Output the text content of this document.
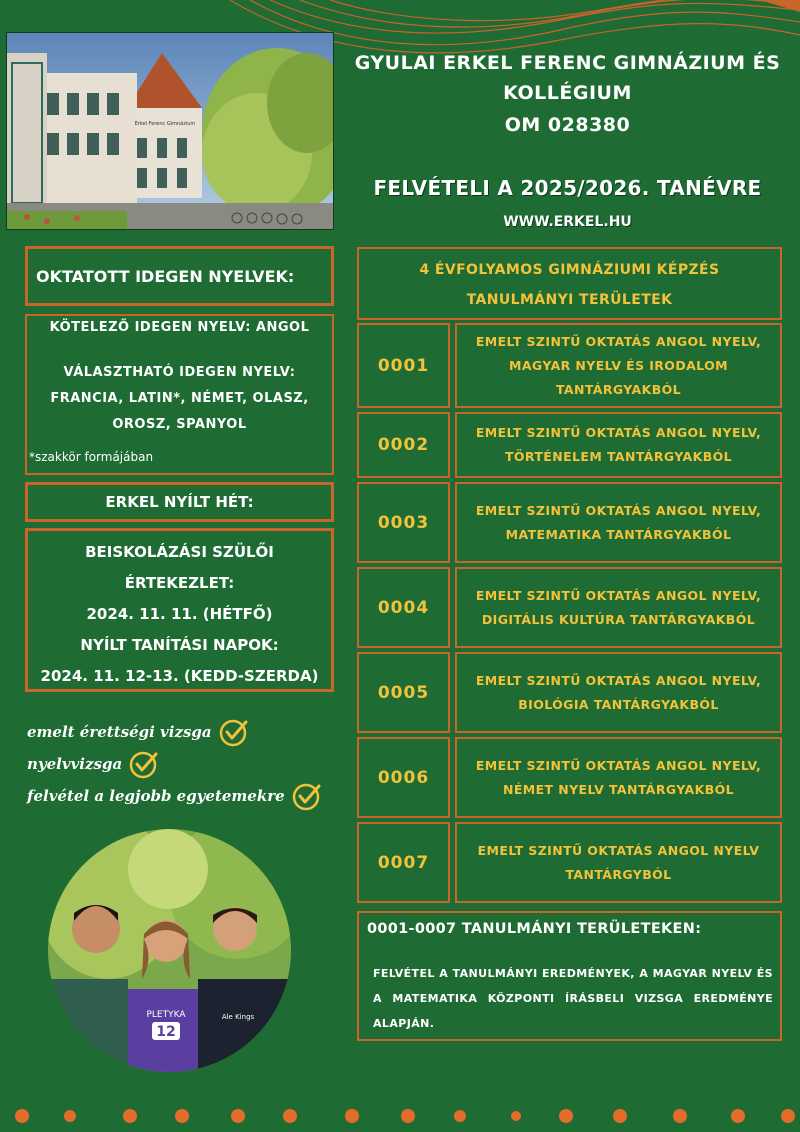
Erkel Ferenc Gimnázium
GYULAI ERKEL FERENC GIMNÁZIUM ÉS KOLLÉGIUM
OM 028380
FELVÉTELI A 2025/2026. TANÉVRE
WWW.ERKEL.HU
OKTATOTT IDEGEN NYELVEK:
KÖTELEZŐ IDEGEN NYELV: ANGOL
VÁLASZTHATÓ IDEGEN NYELV: FRANCIA, LATIN*, NÉMET, OLASZ, OROSZ, SPANYOL
*szakkör formájában
ERKEL NYÍLT HÉT:
BEISKOLÁZÁSI SZÜLŐI
ÉRTEKEZLET:
2024. 11. 11. (HÉTFŐ)
NYÍLT TANÍTÁSI NAPOK:
2024. 11. 12-13. (KEDD-SZERDA)
emelt érettségi vizsga
nyelvvizsga
felvétel a legjobb egyetemekre
PLETYKA
12
Ale Kings
4 ÉVFOLYAMOS GIMNÁZIUMI KÉPZÉS
TANULMÁNYI TERÜLETEK
0001
EMELT SZINTŰ OKTATÁS ANGOL NYELV, MAGYAR NYELV ÉS IRODALOM TANTÁRGYAKBÓL
0002
EMELT SZINTŰ OKTATÁS ANGOL NYELV, TÖRTÉNELEM TANTÁRGYAKBÓL
0003
EMELT SZINTŰ OKTATÁS ANGOL NYELV, MATEMATIKA TANTÁRGYAKBÓL
0004
EMELT SZINTŰ OKTATÁS ANGOL NYELV, DIGITÁLIS KULTÚRA TANTÁRGYAKBÓL
0005
EMELT SZINTŰ OKTATÁS ANGOL NYELV, BIOLÓGIA TANTÁRGYAKBÓL
0006
EMELT SZINTŰ OKTATÁS ANGOL NYELV, NÉMET NYELV TANTÁRGYAKBÓL
0007
EMELT SZINTŰ OKTATÁS ANGOL NYELV TANTÁRGYBÓL
0001-0007 TANULMÁNYI TERÜLETEKEN:
FELVÉTEL A TANULMÁNYI EREDMÉNYEK, A MAGYAR NYELV ÉS A MATEMATIKA KÖZPONTI ÍRÁSBELI VIZSGA EREDMÉNYE ALAPJÁN.
